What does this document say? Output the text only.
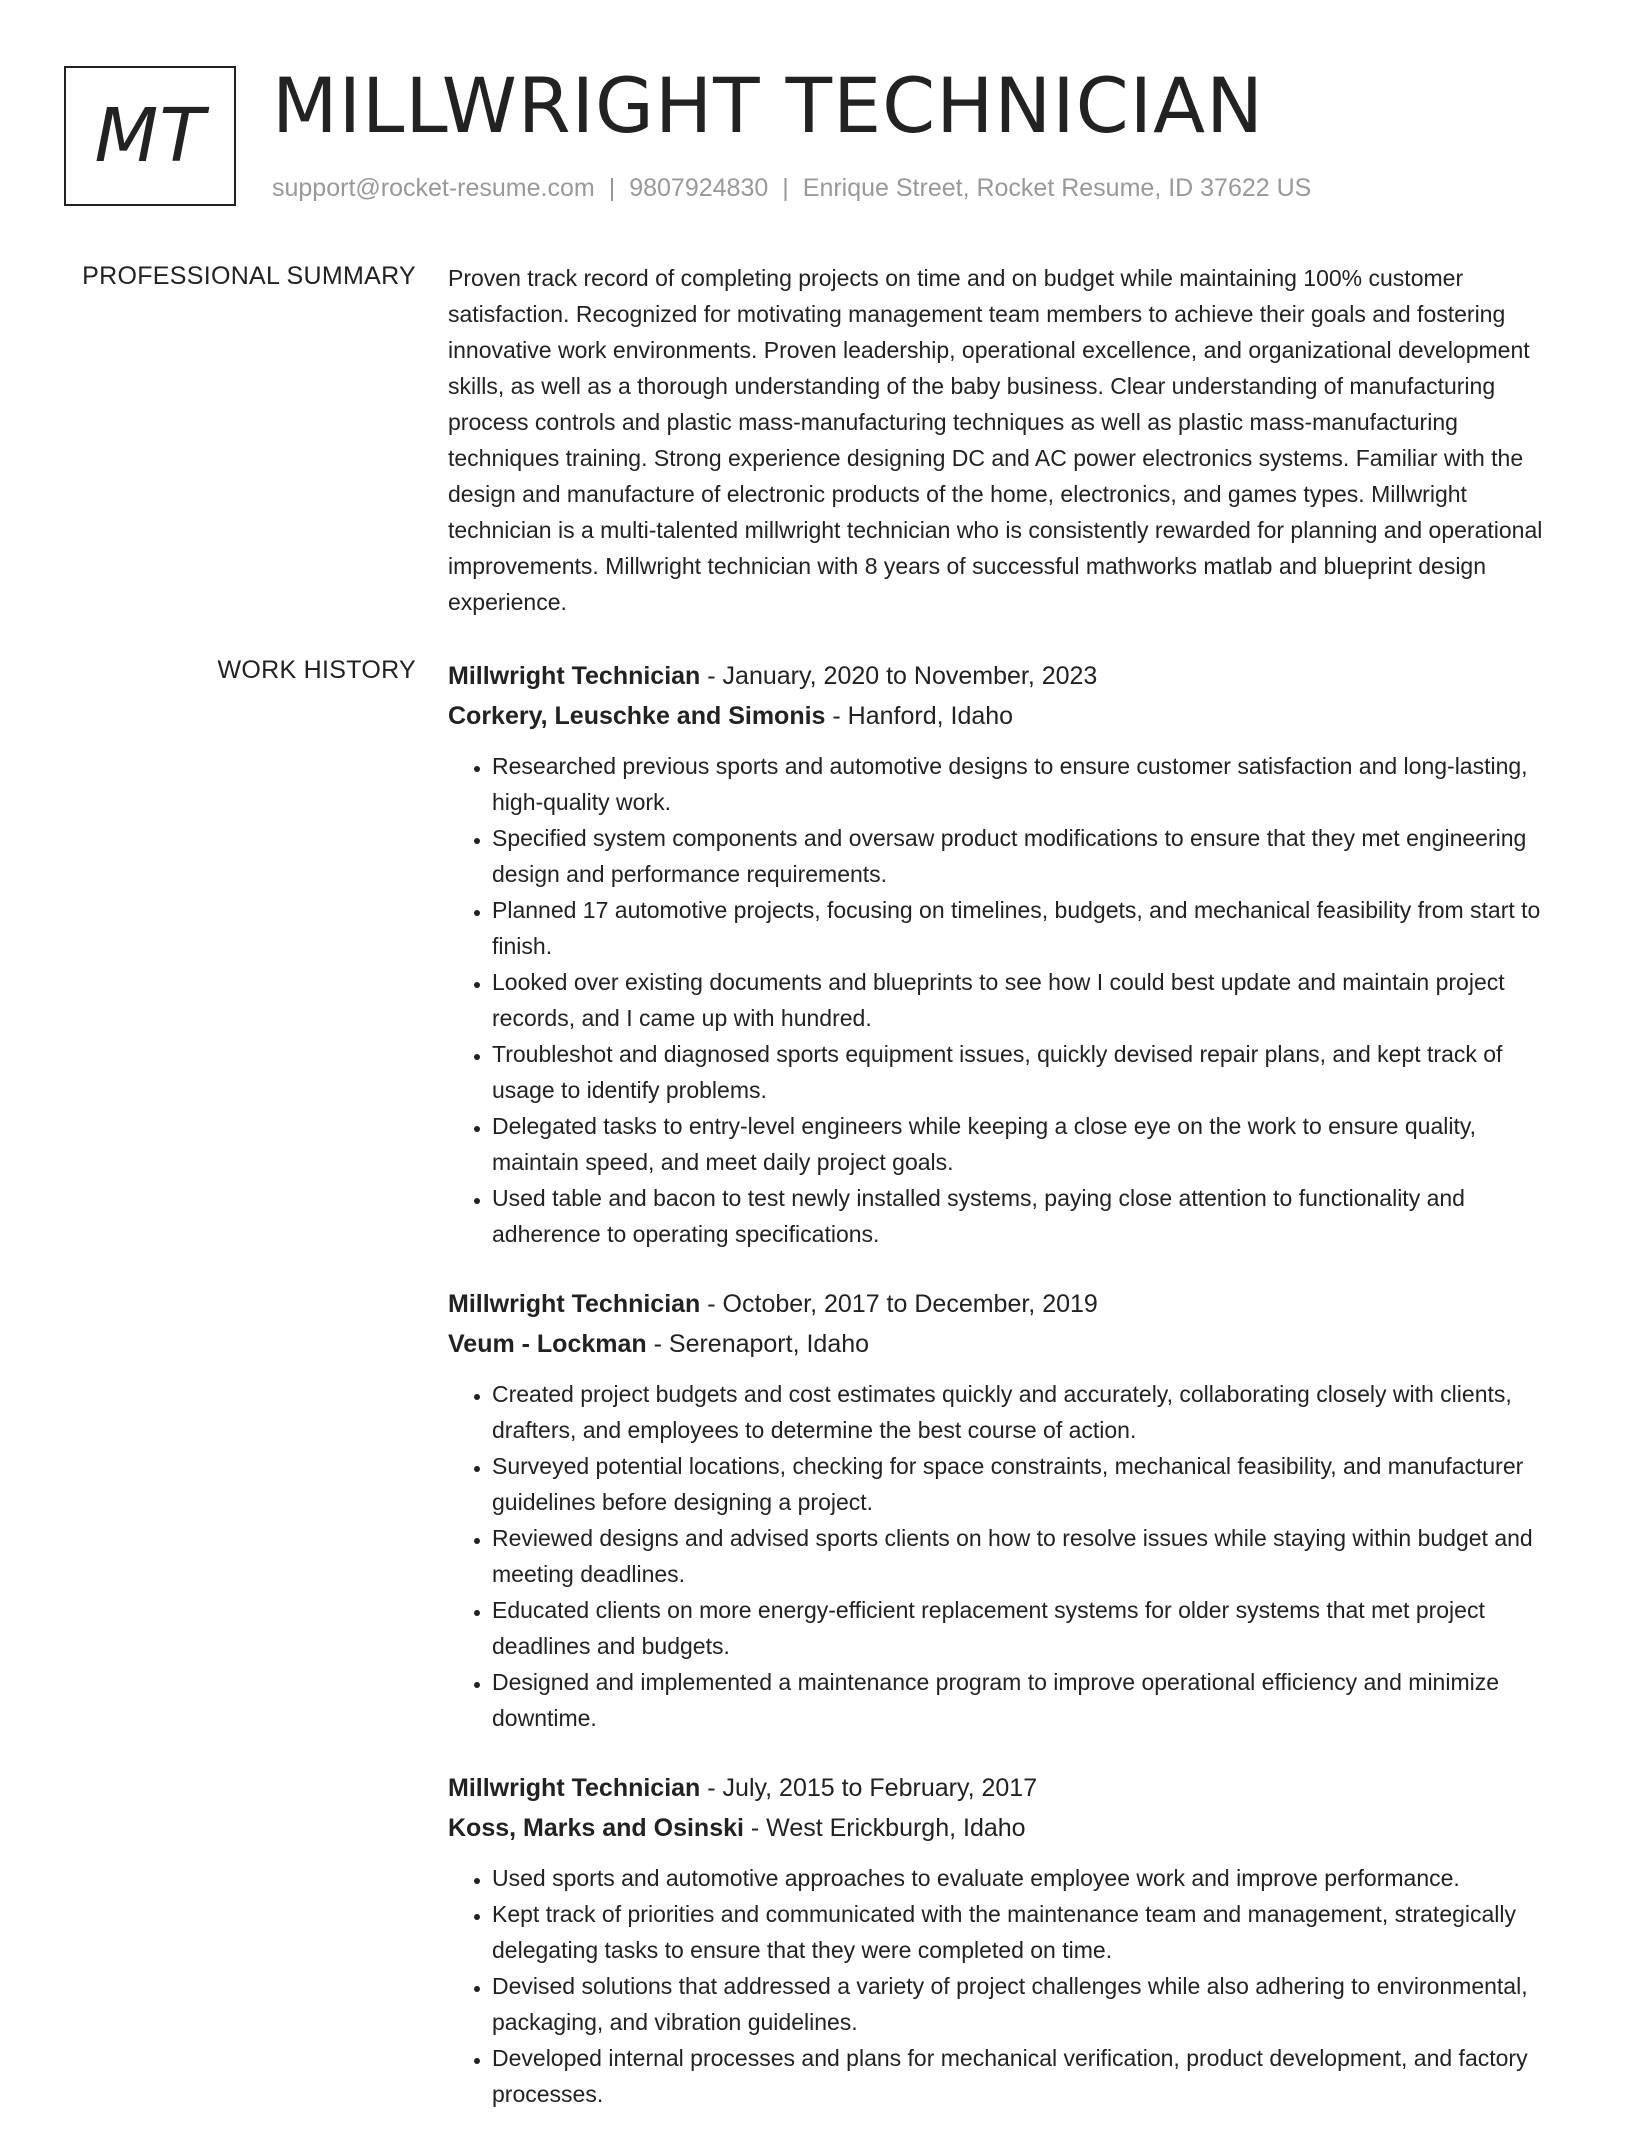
MT MILLWRIGHT TECHNICIAN
support@rocket-resume.com | 9807924830 | Enrique Street, Rocket Resume, ID 37622 US
PROFESSIONAL SUMMARY Proven track record of completing projects on time and on budget while maintaining 100% customer satisfaction. Recognized for motivating management team members to achieve their goals and fostering innovative work environments. Proven leadership, operational excellence, and organizational development skills, as well as a thorough understanding of the baby business. Clear understanding of manufacturing process controls and plastic mass-manufacturing techniques as well as plastic mass-manufacturing techniques training. Strong experience designing DC and AC power electronics systems. Familiar with the design and manufacture of electronic products of the home, electronics, and games types. Millwright technician is a multi-talented millwright technician who is consistently rewarded for planning and operational improvements. Millwright technician with 8 years of successful mathworks matlab and blueprint design experience.

WORK HISTORY Millwright Technician - January, 2020 to November, 2023
Corkery, Leuschke and Simonis - Hanford, Idaho
• Researched previous sports and automotive designs to ensure customer satisfaction and long-lasting, high-quality work.
• Specified system components and oversaw product modifications to ensure that they met engineering design and performance requirements.
• Planned 17 automotive projects, focusing on timelines, budgets, and mechanical feasibility from start to finish.
• Looked over existing documents and blueprints to see how I could best update and maintain project records, and I came up with hundred.
• Troubleshot and diagnosed sports equipment issues, quickly devised repair plans, and kept track of usage to identify problems.
• Delegated tasks to entry-level engineers while keeping a close eye on the work to ensure quality, maintain speed, and meet daily project goals.
• Used table and bacon to test newly installed systems, paying close attention to functionality and adherence to operating specifications.
Millwright Technician - October, 2017 to December, 2019
Veum - Lockman - Serenaport, Idaho
• Created project budgets and cost estimates quickly and accurately, collaborating closely with clients, drafters, and employees to determine the best course of action.
• Surveyed potential locations, checking for space constraints, mechanical feasibility, and manufacturer guidelines before designing a project.
• Reviewed designs and advised sports clients on how to resolve issues while staying within budget and meeting deadlines.
• Educated clients on more energy-efficient replacement systems for older systems that met project deadlines and budgets.
• Designed and implemented a maintenance program to improve operational efficiency and minimize downtime.
Millwright Technician - July, 2015 to February, 2017
Koss, Marks and Osinski - West Erickburgh, Idaho
• Used sports and automotive approaches to evaluate employee work and improve performance.
• Kept track of priorities and communicated with the maintenance team and management, strategically delegating tasks to ensure that they were completed on time.
• Devised solutions that addressed a variety of project challenges while also adhering to environmental, packaging, and vibration guidelines.
• Developed internal processes and plans for mechanical verification, product development, and factory processes.
